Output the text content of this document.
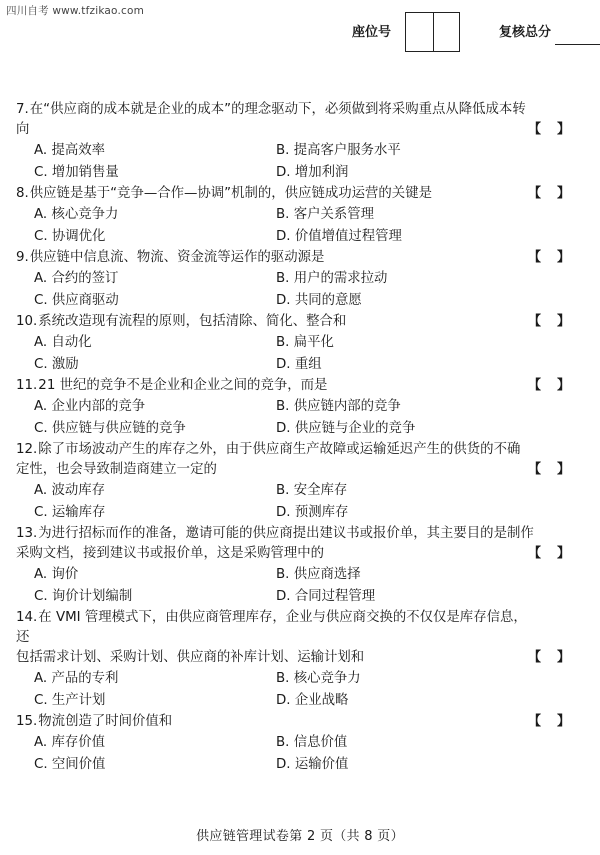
四川自考 www.tfzikao.com
座位号	复核总分
7.在“供应商的成本就是企业的成本”的理念驱动下，必须做到将采购重点从降低成本转
向	【】
A. 提高效率	B. 提高客户服务水平
C. 增加销售量	D. 增加利润
8.供应链是基于“竞争—合作—协调”机制的，供应链成功运营的关键是	【】
A. 核心竞争力	B. 客户关系管理
C. 协调优化	D. 价值增值过程管理
9.供应链中信息流、物流、资金流等运作的驱动源是	【】
A. 合约的签订	B. 用户的需求拉动
C. 供应商驱动	D. 共同的意愿
10.系统改造现有流程的原则，包括清除、简化、整合和	【】
A. 自动化	B. 扁平化
C. 激励	D. 重组
11.21 世纪的竞争不是企业和企业之间的竞争，而是	【】
A. 企业内部的竞争	B. 供应链内部的竞争
C. 供应链与供应链的竞争	D. 供应链与企业的竞争
12.除了市场波动产生的库存之外，由于供应商生产故障或运输延迟产生的供货的不确
定性，也会导致制造商建立一定的	【】
A. 波动库存	B. 安全库存
C. 运输库存	D. 预测库存
13.为进行招标而作的准备，邀请可能的供应商提出建议书或报价单，其主要目的是制作
采购文档，接到建议书或报价单，这是采购管理中的	【】
A. 询价	B. 供应商选择
C. 询价计划编制	D. 合同过程管理
14.在 VMI 管理模式下，由供应商管理库存，企业与供应商交换的不仅仅是库存信息，还
包括需求计划、采购计划、供应商的补库计划、运输计划和	【】
A. 产品的专利	B. 核心竞争力
C. 生产计划	D. 企业战略
15.物流创造了时间价值和	【】
A. 库存价值	B. 信息价值
C. 空间价值	D. 运输价值
供应链管理试卷第 2 页（共 8 页）
